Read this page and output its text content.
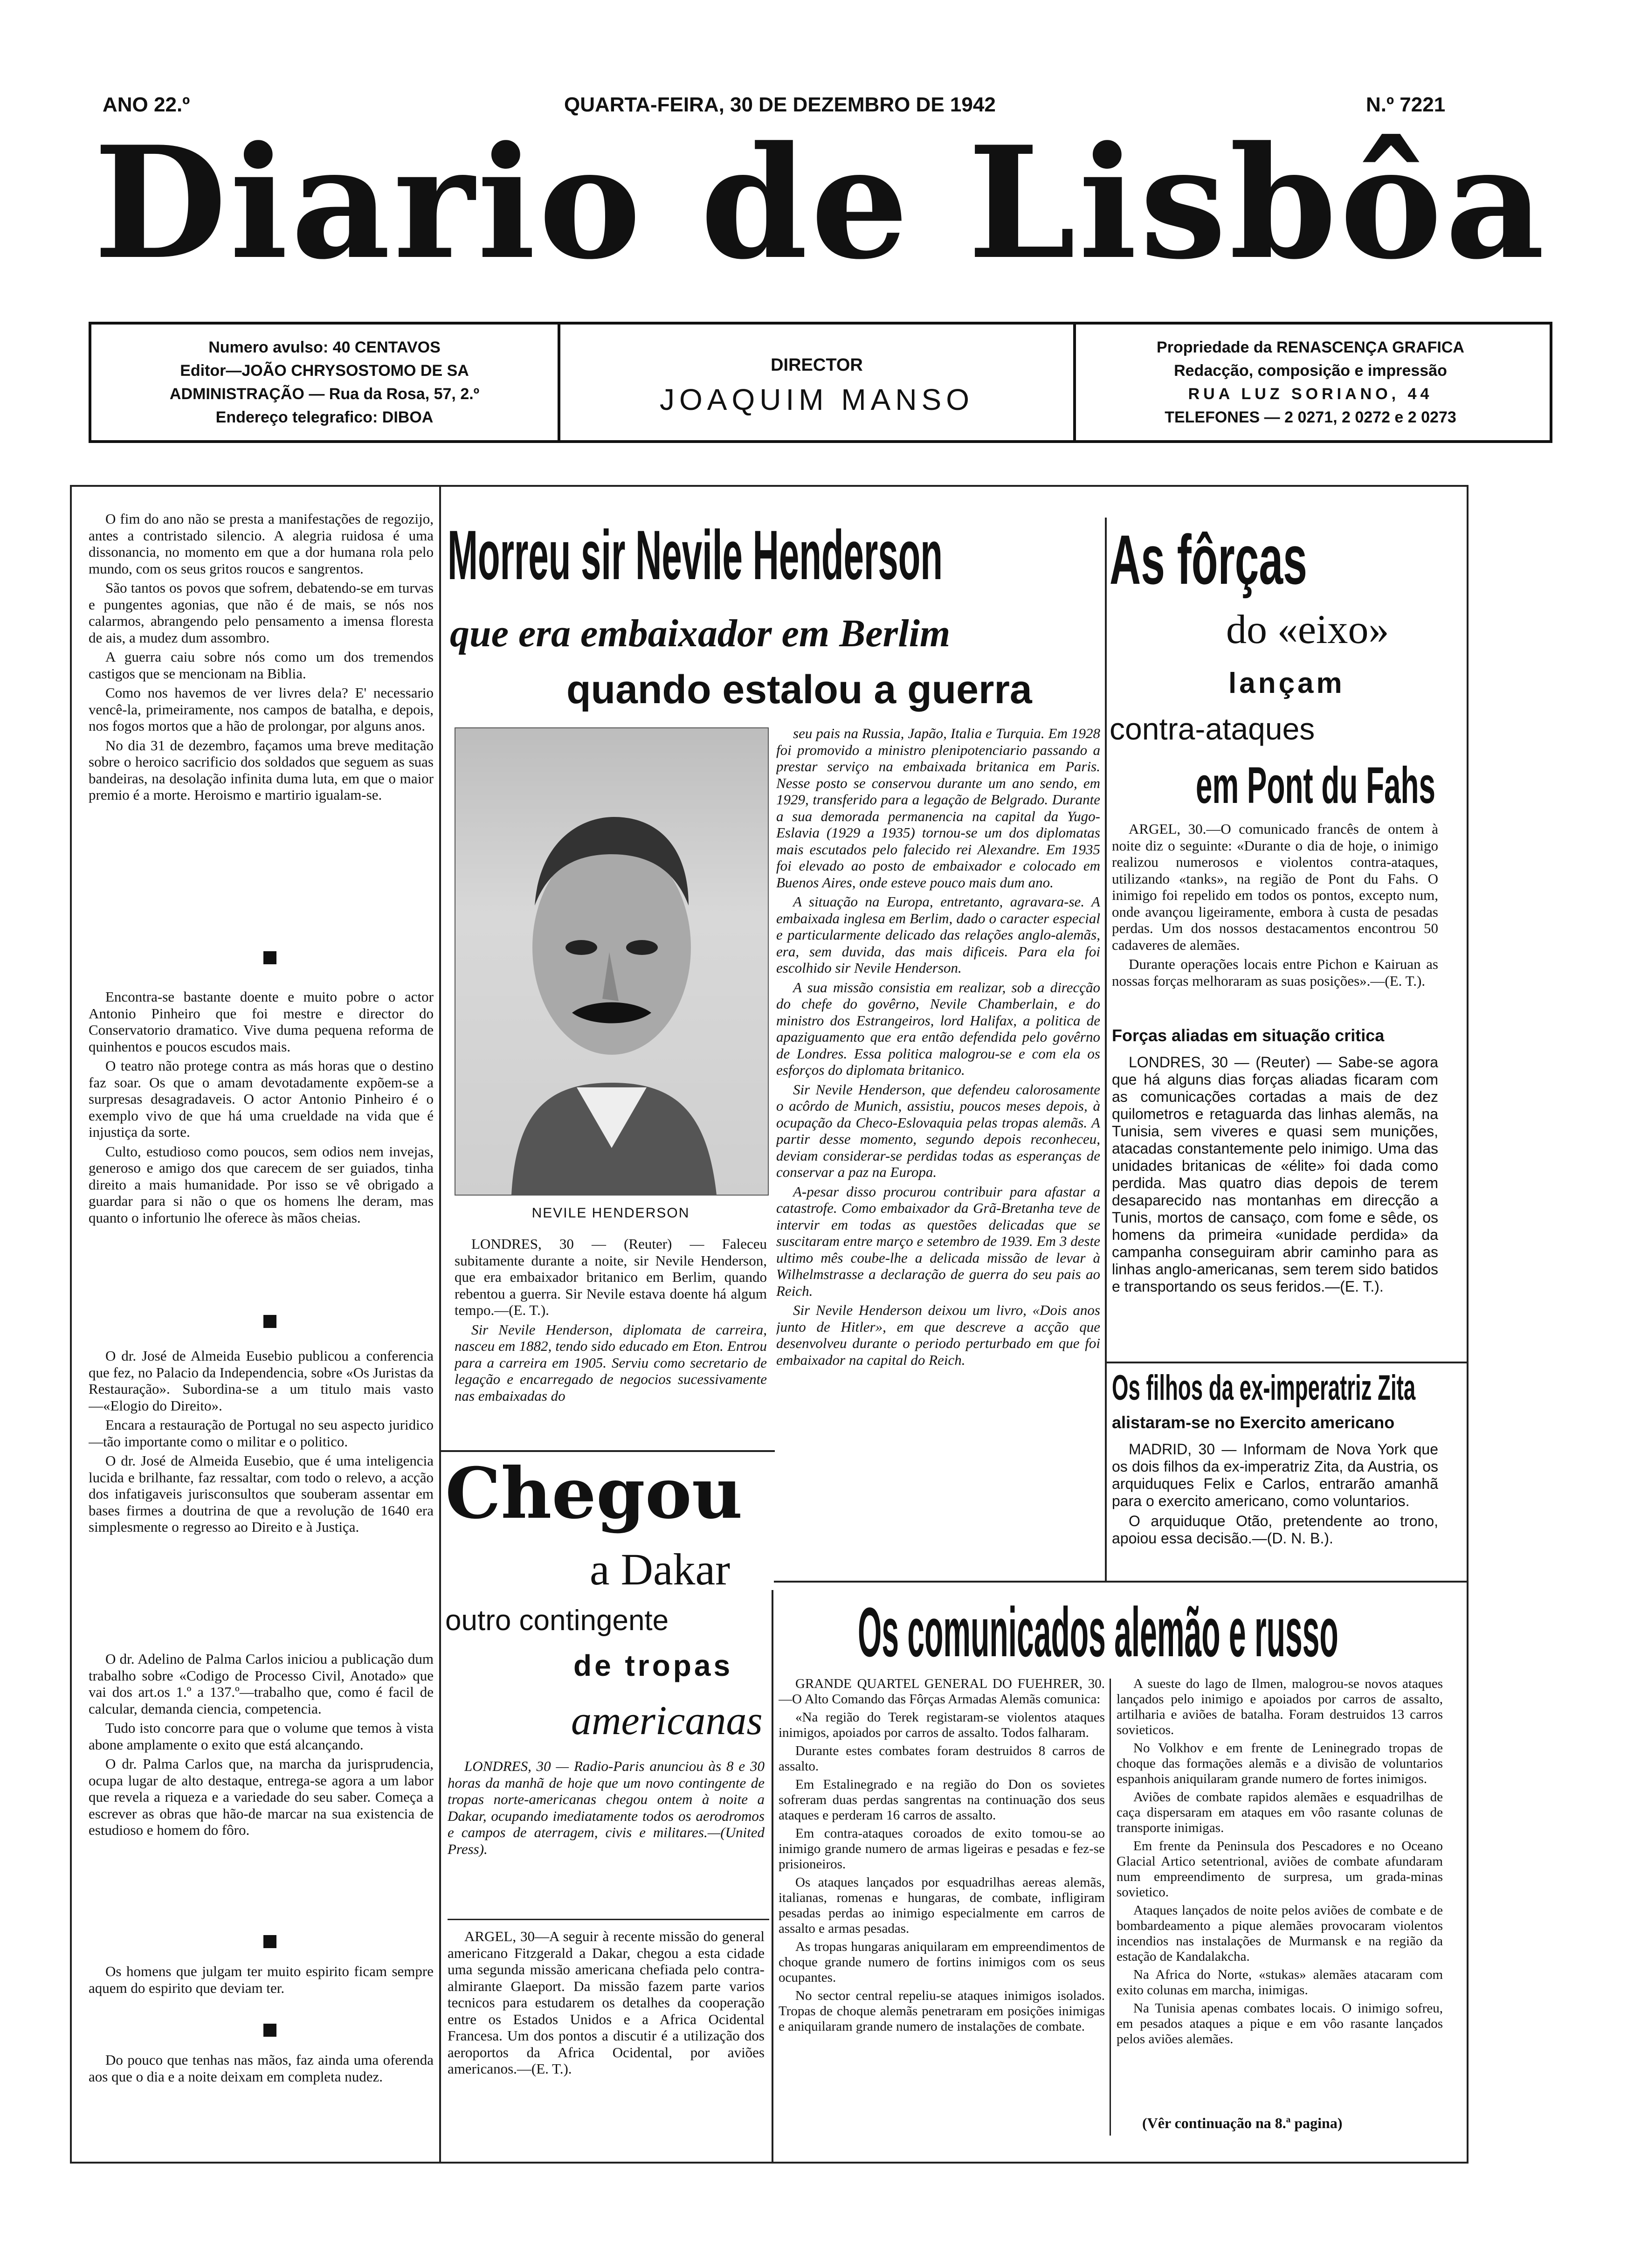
ANO 22.º	QUARTA-FEIRA, 30 DE DEZEMBRO DE 1942	N.º 7221
Diario de Lisbôa
Numero avulso: 40 CENTAVOS
Editor—JOÃO CHRYSOSTOMO DE SA
ADMINISTRAÇÃO — Rua da Rosa, 57, 2.º
Endereço telegrafico: DIBOA
DIRECTOR
JOAQUIM MANSO
Propriedade da RENASCENÇA GRAFICA
Redacção, composição e impressão
RUA LUZ SORIANO, 44
TELEFONES — 2 0271, 2 0272 e 2 0273

O fim do ano não se presta a manifestações de regozijo, antes a contristado silencio. A alegria ruidosa é uma dissonancia, no momento em que a dor humana rola pelo mundo, com os seus gritos roucos e sangrentos.

São tantos os povos que sofrem, debatendo-se em turvas e pungentes agonias, que não é de mais, se nós nos calarmos, abrangendo pelo pensamento a imensa floresta de ais, a mudez dum assombro.

A guerra caiu sobre nós como um dos tremendos castigos que se mencionam na Biblia.

Como nos havemos de ver livres dela? E' necessario vencê-la, primeiramente, nos campos de batalha, e depois, nos fogos mortos que a hão de prolongar, por alguns anos.

No dia 31 de dezembro, façamos uma breve meditação sobre o heroico sacrificio dos soldados que seguem as suas bandeiras, na desolação infinita duma luta, em que o maior premio é a morte. Heroismo e martirio igualam-se.

Encontra-se bastante doente e muito pobre o actor Antonio Pinheiro que foi mestre e director do Conservatorio dramatico. Vive duma pequena reforma de quinhentos e poucos escudos mais.

O teatro não protege contra as más horas que o destino faz soar. Os que o amam devotadamente expõem-se a surpresas desagradaveis. O actor Antonio Pinheiro é o exemplo vivo de que há uma crueldade na vida que é injustiça da sorte.

Culto, estudioso como poucos, sem odios nem invejas, generoso e amigo dos que carecem de ser guiados, tinha direito a mais humanidade. Por isso se vê obrigado a guardar para si não o que os homens lhe deram, mas quanto o infortunio lhe oferece às mãos cheias.

O dr. José de Almeida Eusebio publicou a conferencia que fez, no Palacio da Independencia, sobre «Os Juristas da Restauração». Subordina-se a um titulo mais vasto—«Elogio do Direito».

Encara a restauração de Portugal no seu aspecto juridico—tão importante como o militar e o politico.

O dr. José de Almeida Eusebio, que é uma inteligencia lucida e brilhante, faz ressaltar, com todo o relevo, a acção dos infatigaveis jurisconsultos que souberam assentar em bases firmes a doutrina de que a revolução de 1640 era simplesmente o regresso ao Direito e à Justiça.

O dr. Adelino de Palma Carlos iniciou a publicação dum trabalho sobre «Codigo de Processo Civil, Anotado» que vai dos art.os 1.º a 137.º—trabalho que, como é facil de calcular, demanda ciencia, competencia.

Tudo isto concorre para que o volume que temos à vista abone amplamente o exito que está alcançando.

O dr. Palma Carlos que, na marcha da jurisprudencia, ocupa lugar de alto destaque, entrega-se agora a um labor que revela a riqueza e a variedade do seu saber. Começa a escrever as obras que hão-de marcar na sua existencia de estudioso e homem do fôro.

Os homens que julgam ter muito espirito ficam sempre aquem do espirito que deviam ter.

Do pouco que tenhas nas mãos, faz ainda uma oferenda aos que o dia e a noite deixam em completa nudez.

Morreu sir Nevile Henderson
que era embaixador em Berlim
quando estalou a guerra
NEVILE HENDERSON

LONDRES, 30 — (Reuter) — Faleceu subitamente durante a noite, sir Nevile Henderson, que era embaixador britanico em Berlim, quando rebentou a guerra. Sir Nevile estava doente há algum tempo.—(E. T.).

Sir Nevile Henderson, diplomata de carreira, nasceu em 1882, tendo sido educado em Eton. Entrou para a carreira em 1905. Serviu como secretario de legação e encarregado de negocios sucessivamente nas embaixadas do

seu pais na Russia, Japão, Italia e Turquia. Em 1928 foi promovido a ministro plenipotenciario passando a prestar serviço na embaixada britanica em Paris. Nesse posto se conservou durante um ano sendo, em 1929, transferido para a legação de Belgrado. Durante a sua demorada permanencia na capital da Yugo-Eslavia (1929 a 1935) tornou-se um dos diplomatas mais escutados pelo falecido rei Alexandre. Em 1935 foi elevado ao posto de embaixador e colocado em Buenos Aires, onde esteve pouco mais dum ano.

A situação na Europa, entretanto, agravara-se. A embaixada inglesa em Berlim, dado o caracter especial e particularmente delicado das relações anglo-alemãs, era, sem duvida, das mais dificeis. Para ela foi escolhido sir Nevile Henderson.

A sua missão consistia em realizar, sob a direcção do chefe do govêrno, Nevile Chamberlain, e do ministro dos Estrangeiros, lord Halifax, a politica de apaziguamento que era então defendida pelo govêrno de Londres. Essa politica malogrou-se e com ela os esforços do diplomata britanico.

Sir Nevile Henderson, que defendeu calorosamente o acôrdo de Munich, assistiu, poucos meses depois, à ocupação da Checo-Eslovaquia pelas tropas alemãs. A partir desse momento, segundo depois reconheceu, deviam considerar-se perdidas todas as esperanças de conservar a paz na Europa.

A-pesar disso procurou contribuir para afastar a catastrofe. Como embaixador da Grã-Bretanha teve de intervir em todas as questões delicadas que se suscitaram entre março e setembro de 1939. Em 3 deste ultimo mês coube-lhe a delicada missão de levar à Wilhelmstrasse a declaração de guerra do seu pais ao Reich.

Sir Nevile Henderson deixou um livro, «Dois anos junto de Hitler», em que descreve a acção que desenvolveu durante o periodo perturbado em que foi embaixador na capital do Reich.

As fôrças
do «eixo»
lançam
contra-ataques
em Pont du Fahs

ARGEL, 30.—O comunicado francês de ontem à noite diz o seguinte: «Durante o dia de hoje, o inimigo realizou numerosos e violentos contra-ataques, utilizando «tanks», na região de Pont du Fahs. O inimigo foi repelido em todos os pontos, excepto num, onde avançou ligeiramente, embora à custa de pesadas perdas. Um dos nossos destacamentos encontrou 50 cadaveres de alemães.

Durante operações locais entre Pichon e Kairuan as nossas forças melhoraram as suas posições».—(E. T.).

Forças aliadas em situação critica

LONDRES, 30 — (Reuter) — Sabe-se agora que há alguns dias forças aliadas ficaram com as comunicações cortadas a mais de dez quilometros e retaguarda das linhas alemãs, na Tunisia, sem viveres e quasi sem munições, atacadas constantemente pelo inimigo. Uma das unidades britanicas de «élite» foi dada como perdida. Mas quatro dias depois de terem desaparecido nas montanhas em direcção a Tunis, mortos de cansaço, com fome e sêde, os homens da primeira «unidade perdida» da campanha conseguiram abrir caminho para as linhas anglo-americanas, sem terem sido batidos e transportando os seus feridos.—(E. T.).

Os filhos da ex-imperatriz Zita
alistaram-se no Exercito americano

MADRID, 30 — Informam de Nova York que os dois filhos da ex-imperatriz Zita, da Austria, os arquiduques Felix e Carlos, entrarão amanhã para o exercito americano, como voluntarios.

O arquiduque Otão, pretendente ao trono, apoiou essa decisão.—(D. N. B.).

Chegou
a Dakar
outro contingente
de tropas
americanas

LONDRES, 30 — Radio-Paris anunciou às 8 e 30 horas da manhã de hoje que um novo contingente de tropas norte-americanas chegou ontem à noite a Dakar, ocupando imediatamente todos os aerodromos e campos de aterragem, civis e militares.—(United Press).

ARGEL, 30—A seguir à recente missão do general americano Fitzgerald a Dakar, chegou a esta cidade uma segunda missão americana chefiada pelo contra-almirante Glaeport. Da missão fazem parte varios tecnicos para estudarem os detalhes da cooperação entre os Estados Unidos e a Africa Ocidental Francesa. Um dos pontos a discutir é a utilização dos aeroportos da Africa Ocidental, por aviões americanos.—(E. T.).

Os comunicados alemão e russo

GRANDE QUARTEL GENERAL DO FUEHRER, 30.—O Alto Comando das Fôrças Armadas Alemãs comunica:

«Na região do Terek registaram-se violentos ataques inimigos, apoiados por carros de assalto. Todos falharam.

Durante estes combates foram destruidos 8 carros de assalto.

Em Estalinegrado e na região do Don os sovietes sofreram duas perdas sangrentas na continuação dos seus ataques e perderam 16 carros de assalto.

Em contra-ataques coroados de exito tomou-se ao inimigo grande numero de armas ligeiras e pesadas e fez-se prisioneiros.

Os ataques lançados por esquadrilhas aereas alemãs, italianas, romenas e hungaras, de combate, infligiram pesadas perdas ao inimigo especialmente em carros de assalto e armas pesadas.

As tropas hungaras aniquilaram em empreendimentos de choque grande numero de fortins inimigos com os seus ocupantes.

No sector central repeliu-se ataques inimigos isolados. Tropas de choque alemãs penetraram em posições inimigas e aniquilaram grande numero de instalações de combate.

A sueste do lago de Ilmen, malogrou-se novos ataques lançados pelo inimigo e apoiados por carros de assalto, artilharia e aviões de batalha. Foram destruidos 13 carros sovieticos.

No Volkhov e em frente de Leninegrado tropas de choque das formações alemãs e a divisão de voluntarios espanhois aniquilaram grande numero de fortes inimigos.

Aviões de combate rapidos alemães e esquadrilhas de caça dispersaram em ataques em vôo rasante colunas de transporte inimigas.

Em frente da Peninsula dos Pescadores e no Oceano Glacial Artico setentrional, aviões de combate afundaram num empreendimento de surpresa, um grada-minas sovietico.

Ataques lançados de noite pelos aviões de combate e de bombardeamento a pique alemães provocaram violentos incendios nas instalações de Murmansk e na região da estação de Kandalakcha.

Na Africa do Norte, «stukas» alemães atacaram com exito colunas em marcha, inimigas.

Na Tunisia apenas combates locais. O inimigo sofreu, em pesados ataques a pique e em vôo rasante lançados pelos aviões alemães.

(Vêr continuação na 8.ª pagina)
